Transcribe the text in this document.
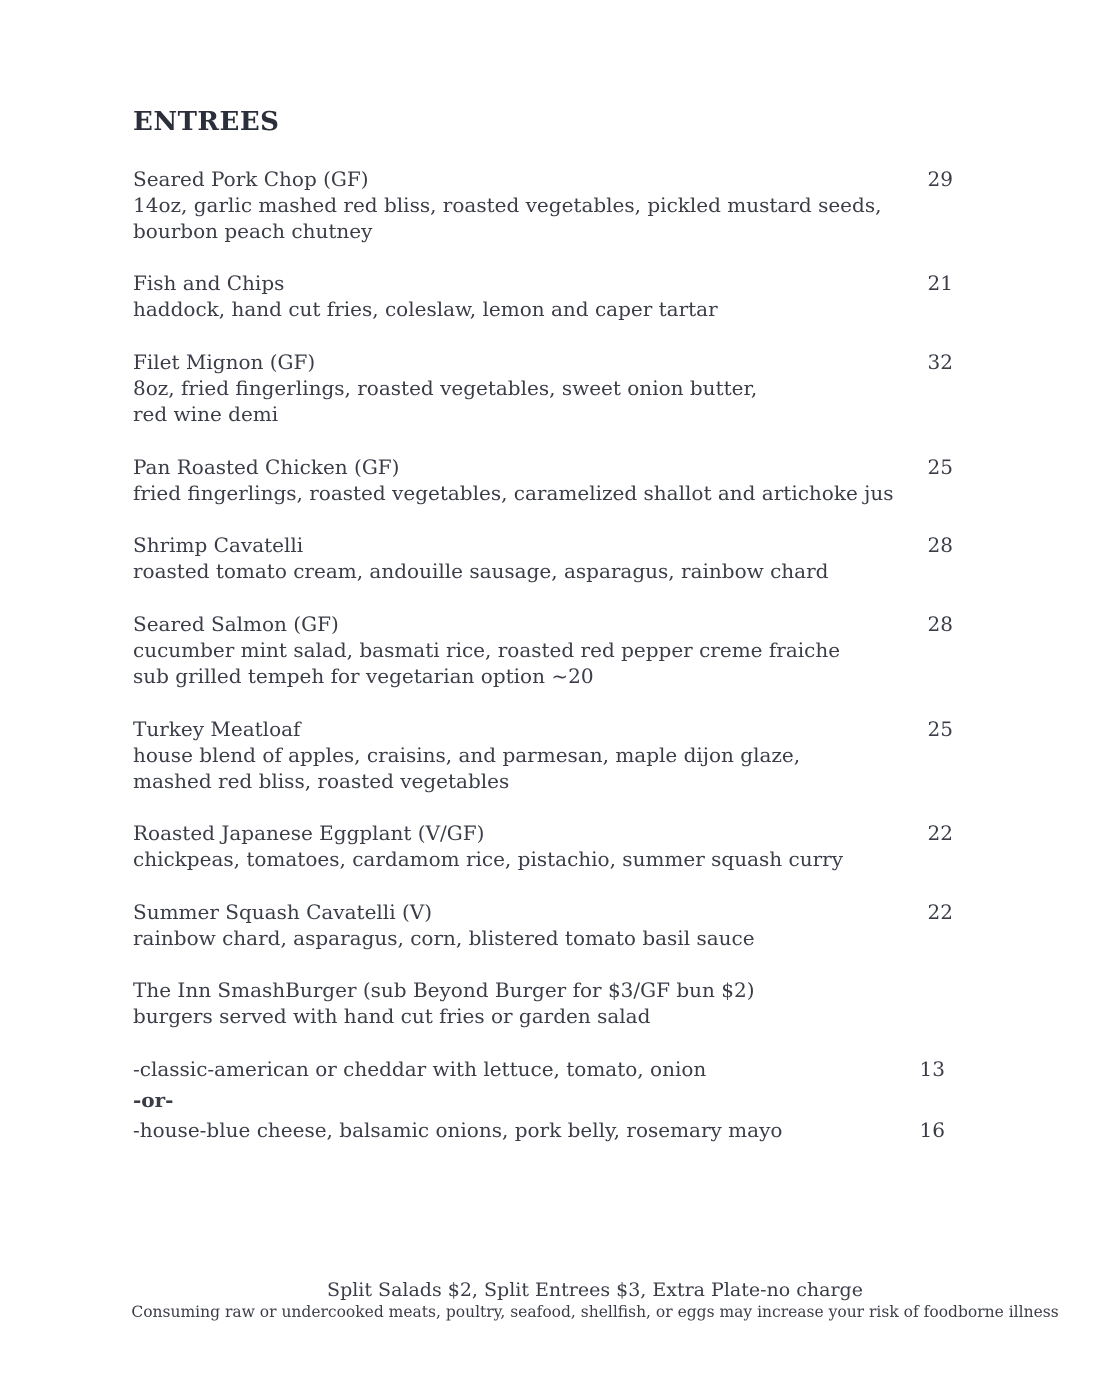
ENTREES
Seared Pork Chop (GF)
14oz, garlic mashed red bliss, roasted vegetables, pickled mustard seeds,
bourbon peach chutney
29
Fish and Chips
haddock, hand cut fries, coleslaw, lemon and caper tartar
21
Filet Mignon (GF)
8oz, fried fingerlings, roasted vegetables, sweet onion butter,
red wine demi
32
Pan Roasted Chicken (GF)
fried fingerlings, roasted vegetables, caramelized shallot and artichoke jus
25
Shrimp Cavatelli
roasted tomato cream, andouille sausage, asparagus, rainbow chard
28
Seared Salmon (GF)
cucumber mint salad, basmati rice, roasted red pepper creme fraiche
sub grilled tempeh for vegetarian option ~20
28
Turkey Meatloaf
house blend of apples, craisins, and parmesan, maple dijon glaze,
mashed red bliss, roasted vegetables
25
Roasted Japanese Eggplant (V/GF)
chickpeas, tomatoes, cardamom rice, pistachio, summer squash curry
22
Summer Squash Cavatelli (V)
rainbow chard, asparagus, corn, blistered tomato basil sauce
22
The Inn SmashBurger (sub Beyond Burger for $3/GF bun $2)
burgers served with hand cut fries or garden salad
-classic-american or cheddar with lettuce, tomato, onion	13
-or-
-house-blue cheese, balsamic onions, pork belly, rosemary mayo	16
Split Salads $2, Split Entrees $3, Extra Plate-no charge
Consuming raw or undercooked meats, poultry, seafood, shellfish, or eggs may increase your risk of foodborne illness
